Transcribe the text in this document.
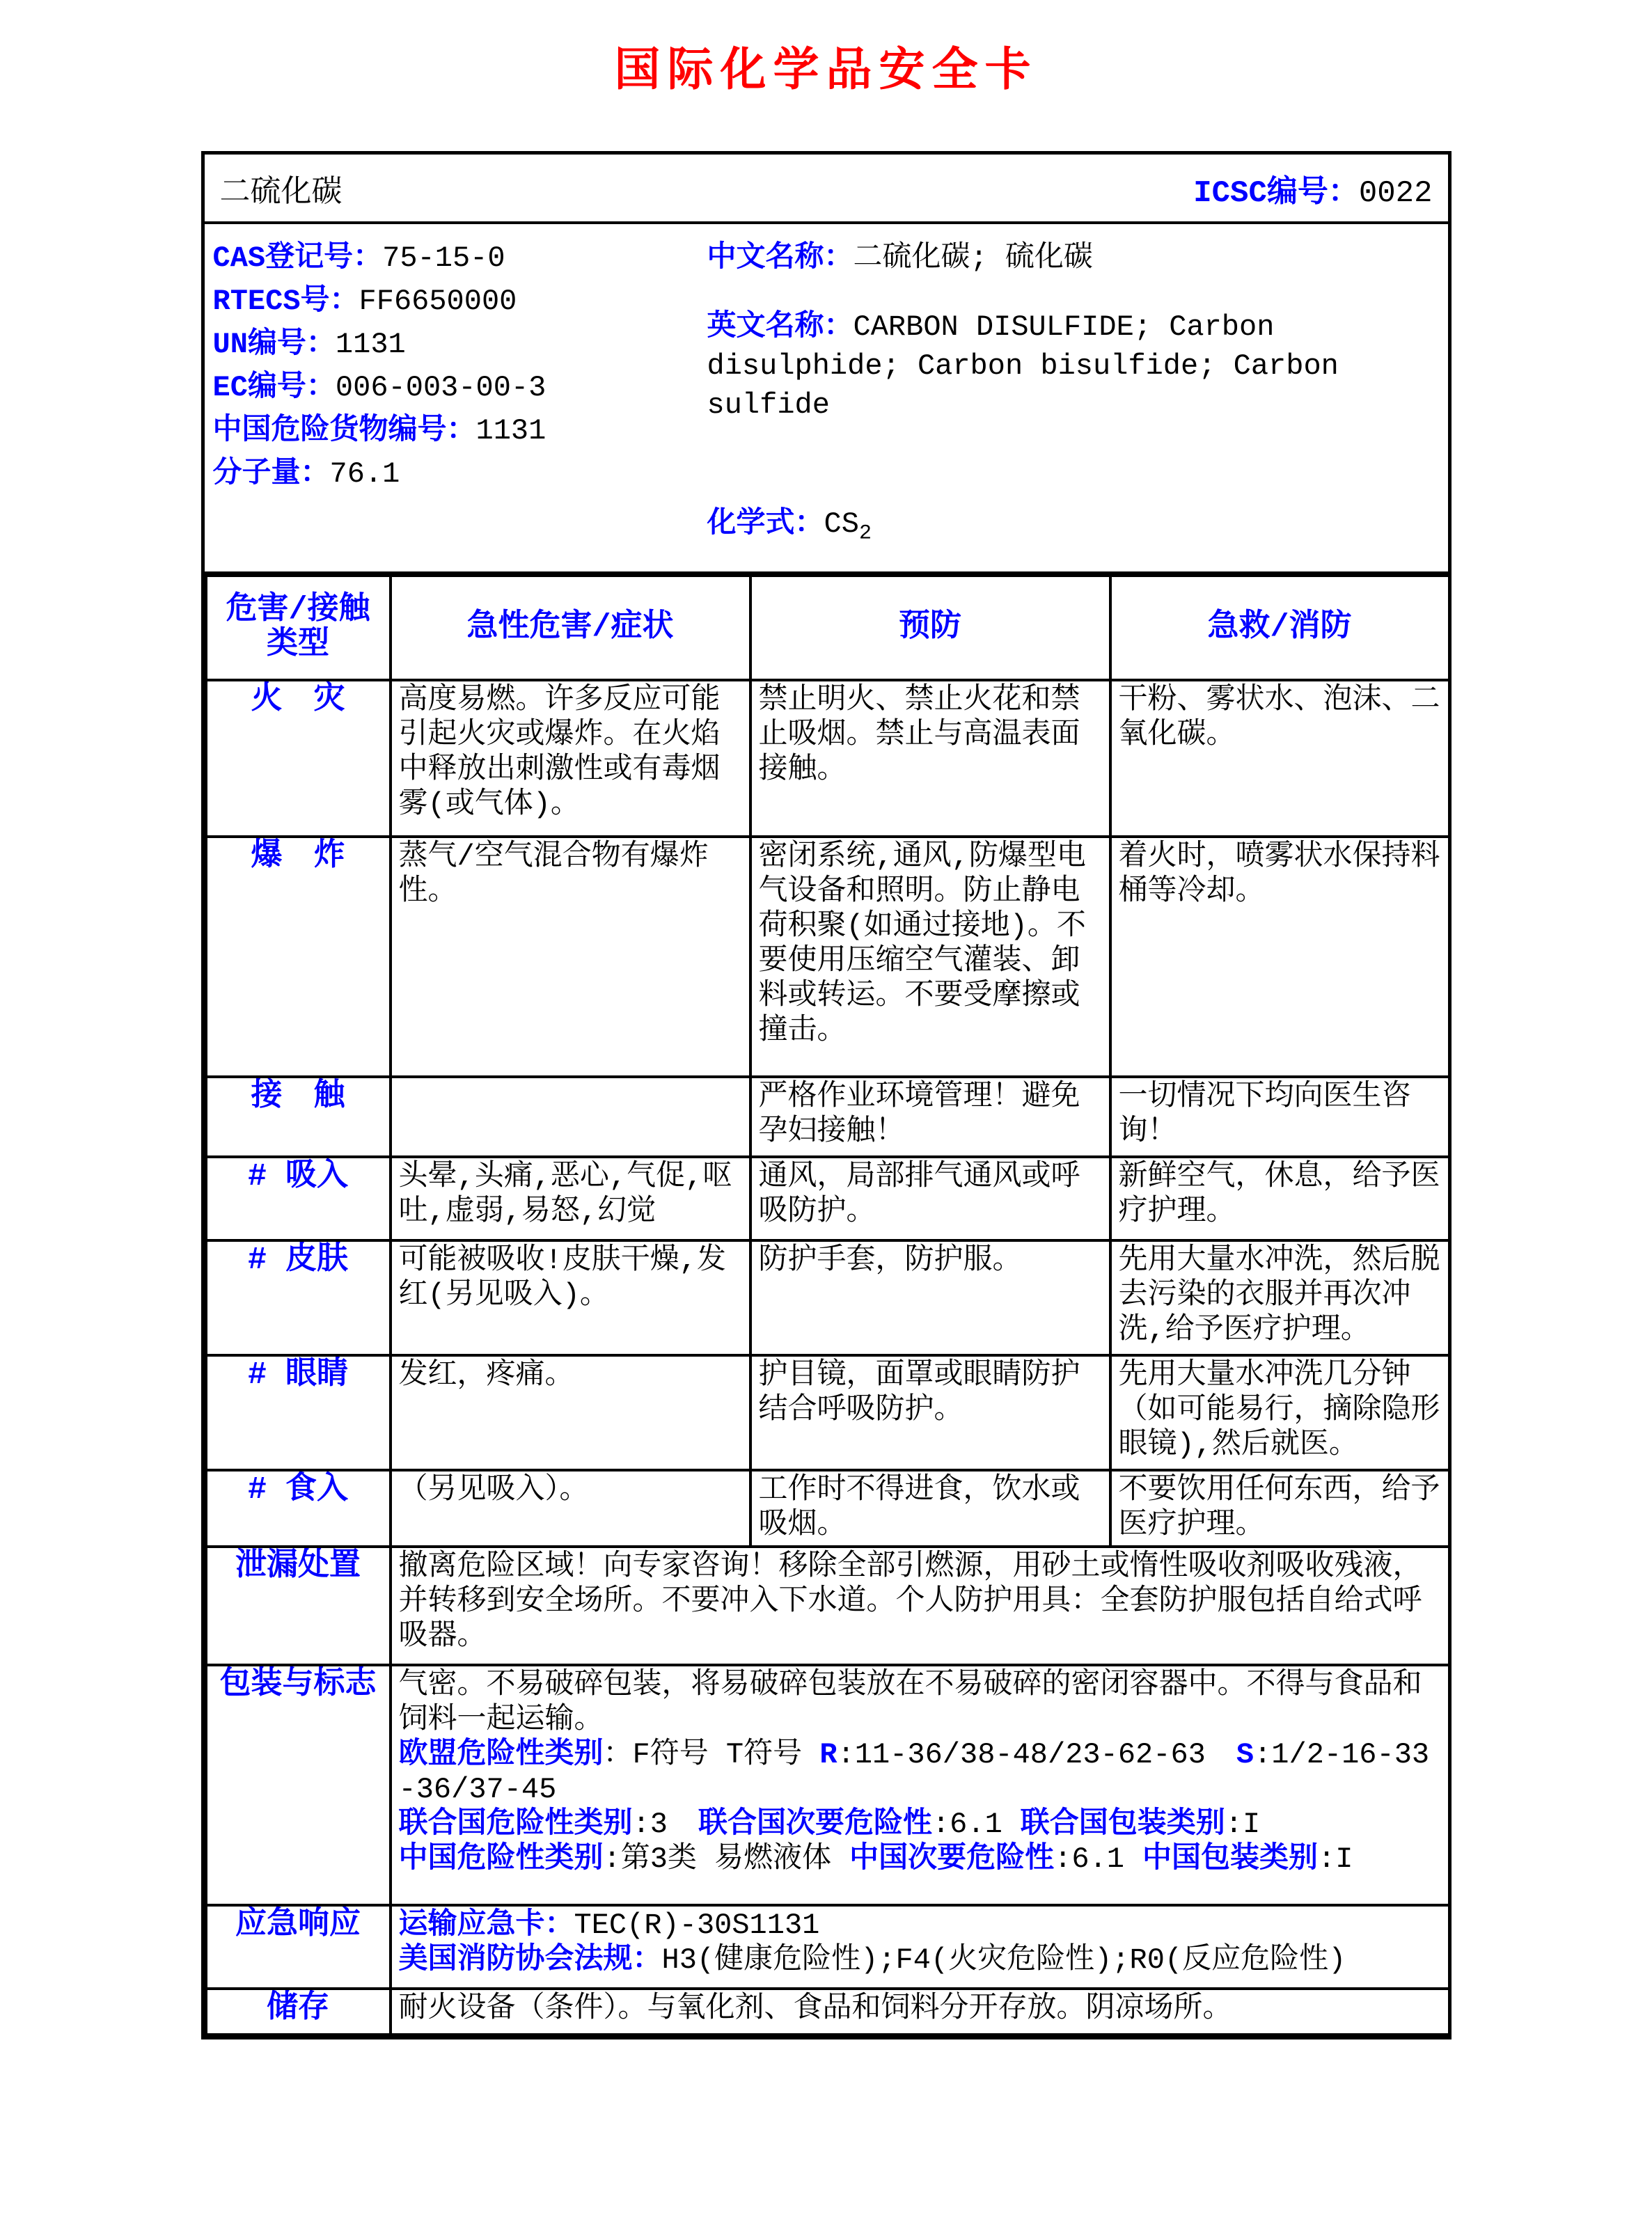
国际化学品安全卡
二硫化碳	ICSC编号：0022
CAS登记号：75-15-0
RTECS号：FF6650000
UN编号：1131
EC编号：006-003-00-3
中国危险货物编号：1131
分子量：76.1
中文名称：二硫化碳; 硫化碳
英文名称：CARBON DISULFIDE; Carbon disulphide; Carbon bisulfide; Carbon sulfide
化学式：$CS_2$
危害/接触类型	急性危害/症状	预防	急救/消防
火　灾	高度易燃。许多反应可能引起火灾或爆炸。在火焰中释放出刺激性或有毒烟雾(或气体)。	禁止明火、禁止火花和禁止吸烟。禁止与高温表面接触。	干粉、雾状水、泡沫、二氧化碳。
爆　炸	蒸气/空气混合物有爆炸性。	密闭系统,通风,防爆型电气设备和照明。防止静电荷积聚(如通过接地)。不要使用压缩空气灌装、卸料或转运。不要受摩擦或撞击。	着火时，喷雾状水保持料桶等冷却。
接　触		严格作业环境管理！避免孕妇接触！	一切情况下均向医生咨询！
# 吸入	头晕,头痛,恶心,气促,呕吐,虚弱,易怒,幻觉	通风，局部排气通风或呼吸防护。	新鲜空气，休息，给予医疗护理。
# 皮肤	可能被吸收!皮肤干燥,发红(另见吸入)。	防护手套，防护服。	先用大量水冲洗，然后脱去污染的衣服并再次冲洗,给予医疗护理。
# 眼睛	发红，疼痛。	护目镜，面罩或眼睛防护结合呼吸防护。	先用大量水冲洗几分钟（如可能易行，摘除隐形眼镜),然后就医。
# 食入	（另见吸入）。	工作时不得进食，饮水或吸烟。	不要饮用任何东西，给予医疗护理。
泄漏处置	撤离危险区域！向专家咨询！移除全部引燃源，用砂土或惰性吸收剂吸收残液，并转移到安全场所。不要冲入下水道。个人防护用具：全套防护服包括自给式呼吸器。		
包装与标志	气密。不易破碎包装，将易破碎包装放在不易破碎的密闭容器中。不得与食品和饲料一起运输。
欧盟危险性类别：F符号 T符号 R:11-36/38-48/23-62-63 S:1/2-16-33-36/37-45
联合国危险性类别:3 联合国次要危险性:6.1 联合国包装类别:I
中国危险性类别:第3类 易燃液体 中国次要危险性:6.1 中国包装类别:I		

应急响应	运输应急卡：TEC(R)-30S1131
美国消防协会法规：H3(健康危险性);F4(火灾危险性);R0(反应危险性)		

储存	耐火设备（条件）。与氧化剂、食品和饲料分开存放。阴凉场所。		
